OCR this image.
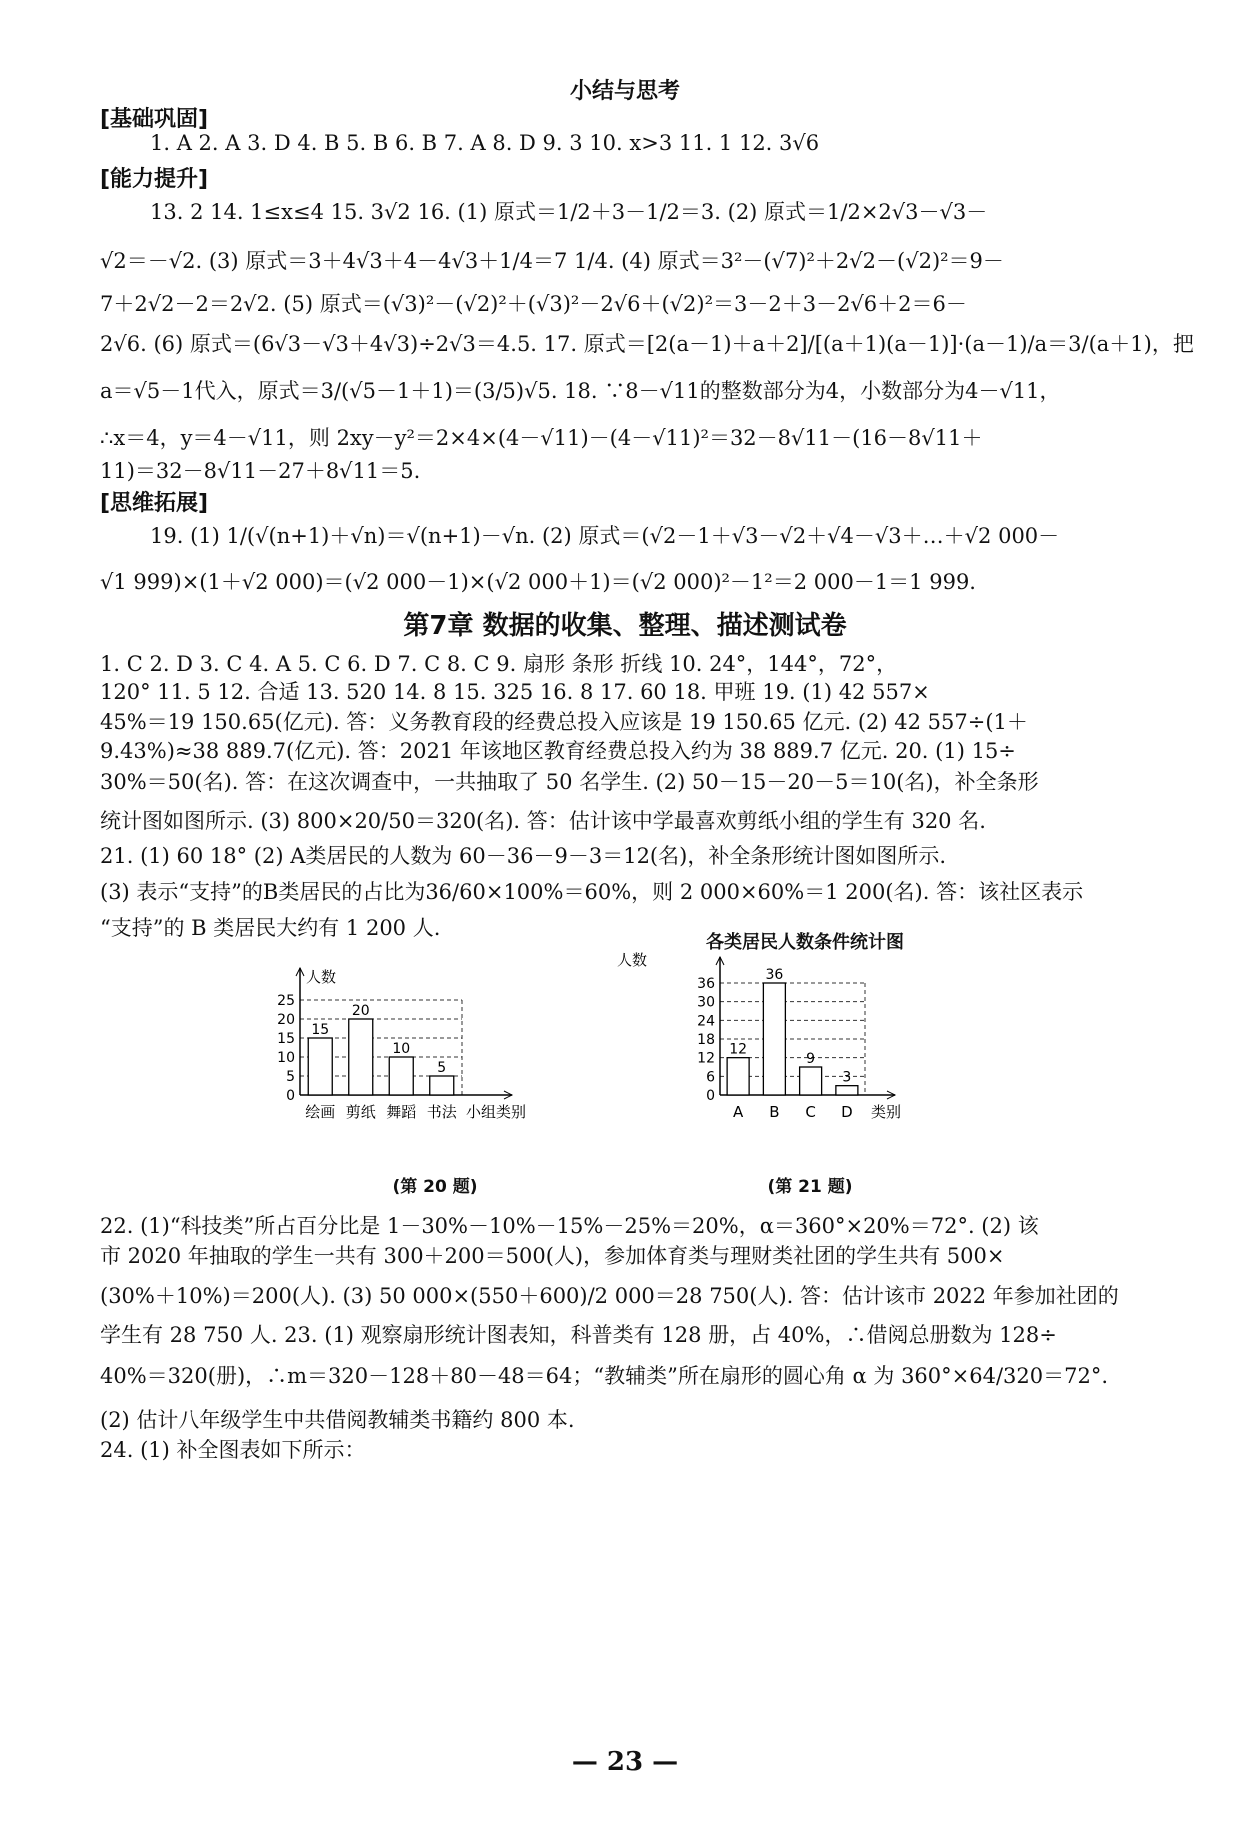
小结与思考
[基础巩固]
1. A 2. A 3. D 4. B 5. B 6. B 7. A 8. D 9. 3 10. x>3 11. 1 12. 3√6
[能力提升]
13. 2 14. 1≤x≤4 15. 3√2 16. (1) 原式＝1/2＋3－1/2＝3. (2) 原式＝1/2×2√3－√3－
√2＝－√2. (3) 原式＝3＋4√3＋4－4√3＋1/4＝7 1/4. (4) 原式＝3²－(√7)²＋2√2－(√2)²＝9－
7＋2√2－2＝2√2. (5) 原式＝(√3)²－(√2)²＋(√3)²－2√6＋(√2)²＝3－2＋3－2√6＋2＝6－
2√6. (6) 原式＝(6√3－√3＋4√3)÷2√3＝4.5. 17. 原式＝[2(a－1)＋a＋2]/[(a＋1)(a－1)]·(a－1)/a＝3/(a＋1)，把
a＝√5－1代入，原式＝3/(√5－1＋1)＝(3/5)√5. 18. ∵8－√11的整数部分为4，小数部分为4－√11，
∴x＝4，y＝4－√11，则 2xy－y²＝2×4×(4－√11)－(4－√11)²＝32－8√11－(16－8√11＋
11)＝32－8√11－27＋8√11＝5.
[思维拓展]
19. (1) 1/(√(n+1)＋√n)＝√(n+1)－√n. (2) 原式＝(√2－1＋√3－√2＋√4－√3＋…＋√2 000－
√1 999)×(1＋√2 000)＝(√2 000－1)×(√2 000＋1)＝(√2 000)²－1²＝2 000－1＝1 999.
第7章 数据的收集、整理、描述测试卷
1. C 2. D 3. C 4. A 5. C 6. D 7. C 8. C 9. 扇形 条形 折线 10. 24°，144°，72°，
120° 11. 5 12. 合适 13. 520 14. 8 15. 325 16. 8 17. 60 18. 甲班 19. (1) 42 557×
45%＝19 150.65(亿元). 答：义务教育段的经费总投入应该是 19 150.65 亿元. (2) 42 557÷(1＋
9.43%)≈38 889.7(亿元). 答：2021 年该地区教育经费总投入约为 38 889.7 亿元. 20. (1) 15÷
30%＝50(名). 答：在这次调查中，一共抽取了 50 名学生. (2) 50－15－20－5＝10(名)，补全条形
统计图如图所示. (3) 800×20/50＝320(名). 答：估计该中学最喜欢剪纸小组的学生有 320 名.
21. (1) 60 18° (2) A类居民的人数为 60－36－9－3＝12(名)，补全条形统计图如图所示.
(3) 表示“支持”的B类居民的占比为36/60×100%＝60%，则 2 000×60%＝1 200(名). 答：该社区表示
“支持”的 B 类居民大约有 1 200 人.
0
5
10
15
20
25
人数
小组类别
15
绘画
20
剪纸
10
舞蹈
5
书法
(第 20 题)
各类居民人数条件统计图
0
6
12
18
24
30
36
人数
类别
12
A
36
B
9
C
3
D
(第 21 题)
22. (1)“科技类”所占百分比是 1－30%－10%－15%－25%＝20%，α＝360°×20%＝72°. (2) 该
市 2020 年抽取的学生一共有 300＋200＝500(人)，参加体育类与理财类社团的学生共有 500×
(30%＋10%)＝200(人). (3) 50 000×(550＋600)/2 000＝28 750(人). 答：估计该市 2022 年参加社团的
学生有 28 750 人. 23. (1) 观察扇形统计图表知，科普类有 128 册，占 40%，∴借阅总册数为 128÷
40%＝320(册)，∴m＝320－128＋80－48＝64；“教辅类”所在扇形的圆心角 α 为 360°×64/320＝72°.
(2) 估计八年级学生中共借阅教辅类书籍约 800 本.
24. (1) 补全图表如下所示：
— 23 —
